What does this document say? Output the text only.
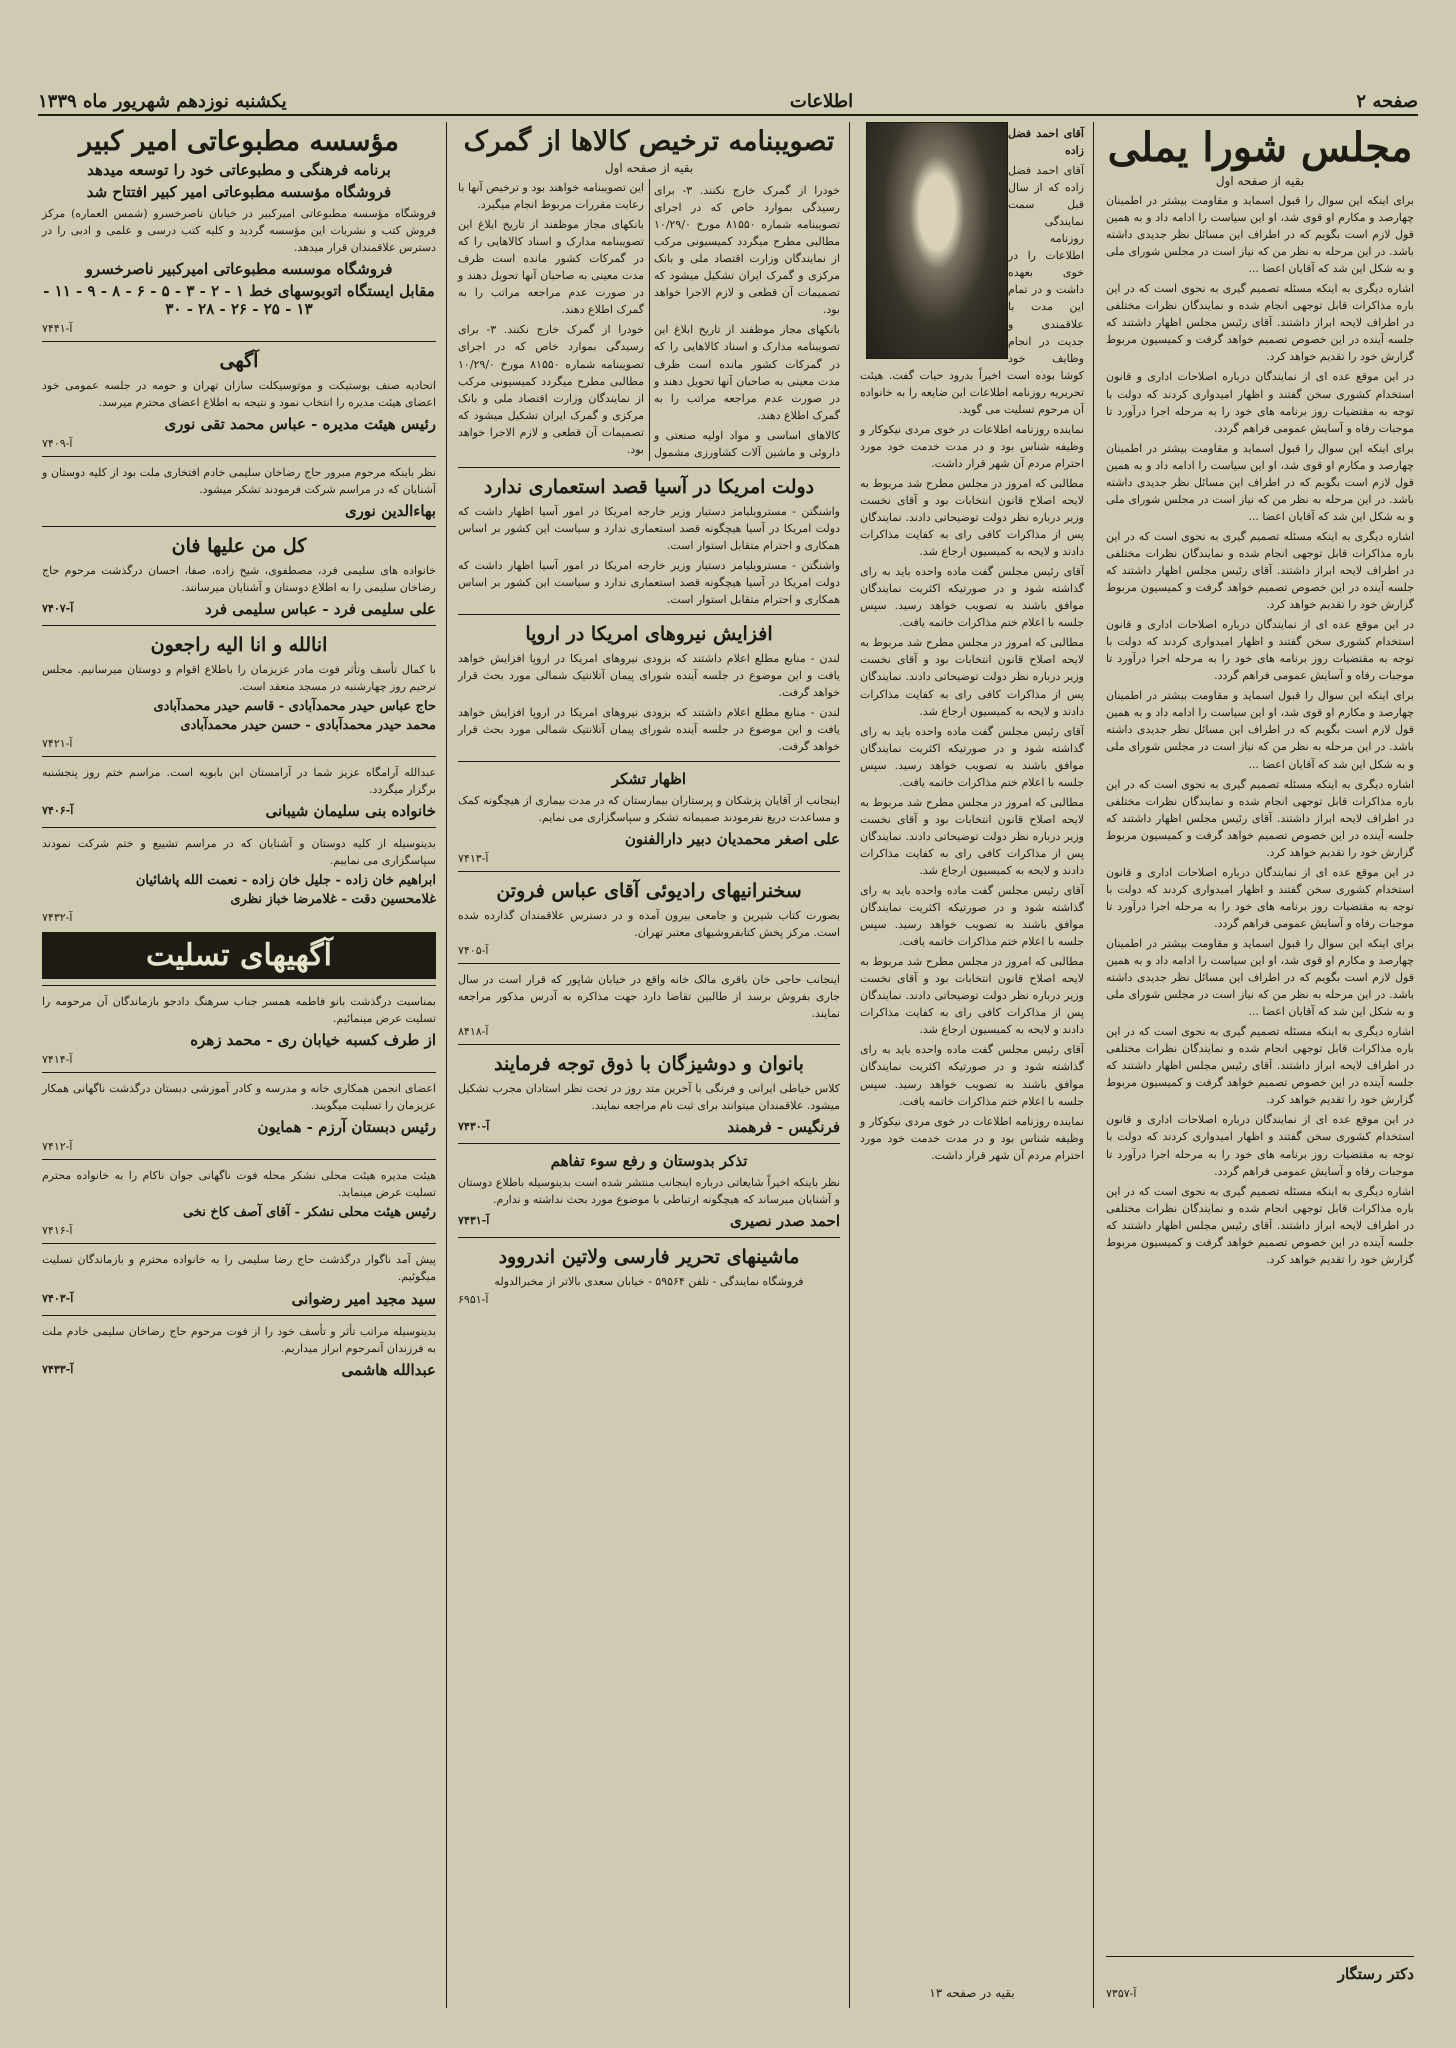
صفحه ۲
اطلاعات
یکشنبه نوزدهم شهریور ماه ۱۳۳۹
مجلس شورا یملی
بقیه از صفحه اول

برای اینکه این سوال را قبول اسماید و مقاومت بیشتر در اطمینان چهارصد و مکارم او قوی شد، او این سیاست را ادامه داد و به همین قول لازم است بگویم که در اطراف این مسائل نظر جدیدی داشته باشد. در این مرحله به نظر من که نیاز است در مجلس شورای ملی و به شکل این شد که آقایان اعضا ...

اشاره دیگری به اینکه مسئله تصمیم گیری به نحوی است که در این باره مذاکرات قابل توجهی انجام شده و نمایندگان نظرات مختلفی در اطراف لایحه ابراز داشتند. آقای رئیس مجلس اظهار داشتند که جلسه آینده در این خصوص تصمیم خواهد گرفت و کمیسیون مربوط گزارش خود را تقدیم خواهد کرد.

در این موقع عده ای از نمایندگان درباره اصلاحات اداری و قانون استخدام کشوری سخن گفتند و اظهار امیدواری کردند که دولت با توجه به مقتضیات روز برنامه های خود را به مرحله اجرا درآورد تا موجبات رفاه و آسایش عمومی فراهم گردد.

برای اینکه این سوال را قبول اسماید و مقاومت بیشتر در اطمینان چهارصد و مکارم او قوی شد، او این سیاست را ادامه داد و به همین قول لازم است بگویم که در اطراف این مسائل نظر جدیدی داشته باشد. در این مرحله به نظر من که نیاز است در مجلس شورای ملی و به شکل این شد که آقایان اعضا ...

اشاره دیگری به اینکه مسئله تصمیم گیری به نحوی است که در این باره مذاکرات قابل توجهی انجام شده و نمایندگان نظرات مختلفی در اطراف لایحه ابراز داشتند. آقای رئیس مجلس اظهار داشتند که جلسه آینده در این خصوص تصمیم خواهد گرفت و کمیسیون مربوط گزارش خود را تقدیم خواهد کرد.

در این موقع عده ای از نمایندگان درباره اصلاحات اداری و قانون استخدام کشوری سخن گفتند و اظهار امیدواری کردند که دولت با توجه به مقتضیات روز برنامه های خود را به مرحله اجرا درآورد تا موجبات رفاه و آسایش عمومی فراهم گردد.

برای اینکه این سوال را قبول اسماید و مقاومت بیشتر در اطمینان چهارصد و مکارم او قوی شد، او این سیاست را ادامه داد و به همین قول لازم است بگویم که در اطراف این مسائل نظر جدیدی داشته باشد. در این مرحله به نظر من که نیاز است در مجلس شورای ملی و به شکل این شد که آقایان اعضا ...

اشاره دیگری به اینکه مسئله تصمیم گیری به نحوی است که در این باره مذاکرات قابل توجهی انجام شده و نمایندگان نظرات مختلفی در اطراف لایحه ابراز داشتند. آقای رئیس مجلس اظهار داشتند که جلسه آینده در این خصوص تصمیم خواهد گرفت و کمیسیون مربوط گزارش خود را تقدیم خواهد کرد.

در این موقع عده ای از نمایندگان درباره اصلاحات اداری و قانون استخدام کشوری سخن گفتند و اظهار امیدواری کردند که دولت با توجه به مقتضیات روز برنامه های خود را به مرحله اجرا درآورد تا موجبات رفاه و آسایش عمومی فراهم گردد.

برای اینکه این سوال را قبول اسماید و مقاومت بیشتر در اطمینان چهارصد و مکارم او قوی شد، او این سیاست را ادامه داد و به همین قول لازم است بگویم که در اطراف این مسائل نظر جدیدی داشته باشد. در این مرحله به نظر من که نیاز است در مجلس شورای ملی و به شکل این شد که آقایان اعضا ...

اشاره دیگری به اینکه مسئله تصمیم گیری به نحوی است که در این باره مذاکرات قابل توجهی انجام شده و نمایندگان نظرات مختلفی در اطراف لایحه ابراز داشتند. آقای رئیس مجلس اظهار داشتند که جلسه آینده در این خصوص تصمیم خواهد گرفت و کمیسیون مربوط گزارش خود را تقدیم خواهد کرد.

در این موقع عده ای از نمایندگان درباره اصلاحات اداری و قانون استخدام کشوری سخن گفتند و اظهار امیدواری کردند که دولت با توجه به مقتضیات روز برنامه های خود را به مرحله اجرا درآورد تا موجبات رفاه و آسایش عمومی فراهم گردد.

اشاره دیگری به اینکه مسئله تصمیم گیری به نحوی است که در این باره مذاکرات قابل توجهی انجام شده و نمایندگان نظرات مختلفی در اطراف لایحه ابراز داشتند. آقای رئیس مجلس اظهار داشتند که جلسه آینده در این خصوص تصمیم خواهد گرفت و کمیسیون مربوط گزارش خود را تقدیم خواهد کرد.

دکتر رستگار
آ-۷۳۵۷

آقای احمد فضل زاده

آقای احمد فضل زاده که از سال قبل سمت نمایندگی روزنامه اطلاعات را در خوی بعهده داشت و در تمام این مدت با علاقمندی و جدیت در انجام وظایف خود کوشا بوده است اخیراً بدرود حیات گفت. هیئت تحریریه روزنامه اطلاعات این ضایعه را به خانواده آن مرحوم تسلیت می گوید.

نماینده روزنامه اطلاعات در خوی مردی نیکوکار و وظیفه شناس بود و در مدت خدمت خود مورد احترام مردم آن شهر قرار داشت.

مطالبی که امروز در مجلس مطرح شد مربوط به لایحه اصلاح قانون انتخابات بود و آقای نخست وزیر درباره نظر دولت توضیحاتی دادند. نمایندگان پس از مذاکرات کافی رای به کفایت مذاکرات دادند و لایحه به کمیسیون ارجاع شد.

آقای رئیس مجلس گفت ماده واحده باید به رای گذاشته شود و در صورتیکه اکثریت نمایندگان موافق باشند به تصویب خواهد رسید. سپس جلسه با اعلام ختم مذاکرات خاتمه یافت.

مطالبی که امروز در مجلس مطرح شد مربوط به لایحه اصلاح قانون انتخابات بود و آقای نخست وزیر درباره نظر دولت توضیحاتی دادند. نمایندگان پس از مذاکرات کافی رای به کفایت مذاکرات دادند و لایحه به کمیسیون ارجاع شد.

آقای رئیس مجلس گفت ماده واحده باید به رای گذاشته شود و در صورتیکه اکثریت نمایندگان موافق باشند به تصویب خواهد رسید. سپس جلسه با اعلام ختم مذاکرات خاتمه یافت.

مطالبی که امروز در مجلس مطرح شد مربوط به لایحه اصلاح قانون انتخابات بود و آقای نخست وزیر درباره نظر دولت توضیحاتی دادند. نمایندگان پس از مذاکرات کافی رای به کفایت مذاکرات دادند و لایحه به کمیسیون ارجاع شد.

آقای رئیس مجلس گفت ماده واحده باید به رای گذاشته شود و در صورتیکه اکثریت نمایندگان موافق باشند به تصویب خواهد رسید. سپس جلسه با اعلام ختم مذاکرات خاتمه یافت.

مطالبی که امروز در مجلس مطرح شد مربوط به لایحه اصلاح قانون انتخابات بود و آقای نخست وزیر درباره نظر دولت توضیحاتی دادند. نمایندگان پس از مذاکرات کافی رای به کفایت مذاکرات دادند و لایحه به کمیسیون ارجاع شد.

آقای رئیس مجلس گفت ماده واحده باید به رای گذاشته شود و در صورتیکه اکثریت نمایندگان موافق باشند به تصویب خواهد رسید. سپس جلسه با اعلام ختم مذاکرات خاتمه یافت.

نماینده روزنامه اطلاعات در خوی مردی نیکوکار و وظیفه شناس بود و در مدت خدمت خود مورد احترام مردم آن شهر قرار داشت.

بقیه در صفحه ۱۳
تصویبنامه ترخیص کالاها از گمرک
بقیه از صفحه اول

خودرا از گمرک خارج نکنند. ۳- برای رسیدگی بموارد خاص که در اجرای تصویبنامه شماره ۸۱۵۵۰ مورخ ۱۰/۲۹/۰ مطالبی مطرح میگردد کمیسیونی مرکب از نمایندگان وزارت اقتصاد ملی و بانک مرکزی و گمرک ایران تشکیل میشود که تصمیمات آن قطعی و لازم الاجرا خواهد بود.

بانکهای مجاز موظفند از تاریخ ابلاغ این تصویبنامه مدارک و اسناد کالاهایی را که در گمرکات کشور مانده است ظرف مدت معینی به صاحبان آنها تحویل دهند و در صورت عدم مراجعه مراتب را به گمرک اطلاع دهند.

کالاهای اساسی و مواد اولیه صنعتی و داروئی و ماشین آلات کشاورزی مشمول این تصویبنامه خواهند بود و ترخیص آنها با رعایت مقررات مربوط انجام میگیرد.

بانکهای مجاز موظفند از تاریخ ابلاغ این تصویبنامه مدارک و اسناد کالاهایی را که در گمرکات کشور مانده است ظرف مدت معینی به صاحبان آنها تحویل دهند و در صورت عدم مراجعه مراتب را به گمرک اطلاع دهند.

خودرا از گمرک خارج نکنند. ۳- برای رسیدگی بموارد خاص که در اجرای تصویبنامه شماره ۸۱۵۵۰ مورخ ۱۰/۲۹/۰ مطالبی مطرح میگردد کمیسیونی مرکب از نمایندگان وزارت اقتصاد ملی و بانک مرکزی و گمرک ایران تشکیل میشود که تصمیمات آن قطعی و لازم الاجرا خواهد بود.

دولت امریکا در آسیا قصد استعماری ندارد

واشنگتن - مسترویلیامز دستیار وزیر خارجه امریکا در امور آسیا اظهار داشت که دولت امریکا در آسیا هیچگونه قصد استعماری ندارد و سیاست این کشور بر اساس همکاری و احترام متقابل استوار است.

واشنگتن - مسترویلیامز دستیار وزیر خارجه امریکا در امور آسیا اظهار داشت که دولت امریکا در آسیا هیچگونه قصد استعماری ندارد و سیاست این کشور بر اساس همکاری و احترام متقابل استوار است.

افزایش نیروهای امریکا در اروپا

لندن - منابع مطلع اعلام داشتند که بزودی نیروهای امریکا در اروپا افزایش خواهد یافت و این موضوع در جلسه آینده شورای پیمان آتلانتیک شمالی مورد بحث قرار خواهد گرفت.

لندن - منابع مطلع اعلام داشتند که بزودی نیروهای امریکا در اروپا افزایش خواهد یافت و این موضوع در جلسه آینده شورای پیمان آتلانتیک شمالی مورد بحث قرار خواهد گرفت.

اظهار تشکر

اینجانب از آقایان پزشکان و پرستاران بیمارستان که در مدت بیماری از هیچگونه کمک و مساعدت دریغ نفرمودند صمیمانه تشکر و سپاسگزاری می نمایم.

علی اصغر محمدیان دبیر دارالفنون
آ-۷۴۱۳
سخنرانیهای رادیوئی آقای عباس فروتن

بصورت کتاب شیرین و جامعی بیرون آمده و در دسترس علاقمندان گذارده شده است. مرکز پخش کتابفروشیهای معتبر تهران.

آ-۷۴۰۵

اینجانب حاجی خان باقری مالک خانه واقع در خیابان شاپور که قرار است در سال جاری بفروش برسد از طالبین تقاضا دارد جهت مذاکره به آدرس مذکور مراجعه نمایند.

آ-۸۴۱۸
بانوان و دوشیزگان با ذوق توجه فرمایند

کلاس خیاطی ایرانی و فرنگی با آخرین متد روز در تحت نظر استادان مجرب تشکیل میشود. علاقمندان میتوانند برای ثبت نام مراجعه نمایند.

فرنگیس - فرهمند
آ-۷۴۳۰
تذکر بدوستان و رفع سوء تفاهم

نظر باینکه اخیراً شایعاتی درباره اینجانب منتشر شده است بدینوسیله باطلاع دوستان و آشنایان میرساند که هیچگونه ارتباطی با موضوع مورد بحث نداشته و ندارم.

احمد صدر نصیری
آ-۷۴۳۱
ماشینهای تحریر فارسی ولاتین اندروود

فروشگاه نمایندگی - تلفن ۵۹۵۶۴ - خیابان سعدی بالاتر از مخبرالدوله

آ-۶۹۵۱
مؤسسه مطبوعاتی امیر کبیر
برنامه فرهنگی و مطبوعاتی خود را توسعه میدهد
فروشگاه مؤسسه مطبوعاتی امیر کبیر افتتاح شد

فروشگاه مؤسسه مطبوعاتی امیرکبیر در خیابان ناصرخسرو (شمس العماره) مرکز فروش کتب و نشریات این مؤسسه گردید و کلیه کتب درسی و علمی و ادبی را در دسترس علاقمندان قرار میدهد.

فروشگاه موسسه مطبوعاتی امیرکبیر ناصرخسرو
مقابل ایستگاه اتوبوسهای خط ۱ - ۲ - ۳ - ۵ - ۶ - ۸ - ۹ - ۱۱ - ۱۳ - ۲۵ - ۲۶ - ۲۸ - ۳۰
آ-۷۴۴۱
آگهی

اتحادیه صنف بوستیکت و موتوسیکلت سازان تهران و حومه در جلسه عمومی خود اعضای هیئت مدیره را انتخاب نمود و نتیجه به اطلاع اعضای محترم میرسد.

رئیس هیئت مدیره - عباس محمد تقی نوری
آ-۷۴۰۹

نظر باینکه مرحوم مبرور حاج رضاخان سلیمی خادم افتخاری ملت بود از کلیه دوستان و آشنایان که در مراسم شرکت فرمودند تشکر میشود.

بهاءالدین نوری
کل من علیها فان

خانواده های سلیمی فرد، مصطفوی، شیخ زاده، صفا، احسان درگذشت مرحوم حاج رضاخان سلیمی را به اطلاع دوستان و آشنایان میرسانند.

علی سلیمی فرد - عباس سلیمی فرد
آ-۷۴۰۷
انالله و انا الیه راجعون

با کمال تأسف وتأثر فوت مادر عزیزمان را باطلاع اقوام و دوستان میرسانیم. مجلس ترحیم روز چهارشنبه در مسجد منعقد است.

حاج عباس حیدر محمدآبادی - قاسم حیدر محمدآبادی
محمد حیدر محمدآبادی - حسن حیدر محمدآبادی
آ-۷۴۲۱

عبدالله آرامگاه عزیز شما در آرامستان ابن بابویه است. مراسم ختم روز پنجشنبه برگزار میگردد.

خانواده بنی سلیمان شیبانی
آ-۷۴۰۶

بدینوسیله از کلیه دوستان و آشنایان که در مراسم تشییع و ختم شرکت نمودند سپاسگزاری می نماییم.

ابراهیم خان زاده - جلیل خان زاده - نعمت الله پاشائیان
غلامحسین دقت - غلامرضا خباز نظری
آ-۷۴۳۲
آگهیهای تسلیت

بمناسبت درگذشت بانو فاطمه همسر جناب سرهنگ دادجو بازماندگان آن مرحومه را تسلیت عرض مینمائیم.

از طرف کسبه خیابان ری - محمد زهره
آ-۷۴۱۴

اعضای انجمن همکاری خانه و مدرسه و کادر آموزشی دبستان درگذشت ناگهانی همکار عزیزمان را تسلیت میگویند.

رئیس دبستان آرزم - همایون
آ-۷۴۱۲

هیئت مدیره هیئت محلی نشکر محله فوت ناگهانی جوان ناکام را به خانواده محترم تسلیت عرض مینماید.

رئیس هیئت محلی نشکر - آقای آصف کاخ نخی
آ-۷۴۱۶

پیش آمد ناگوار درگذشت حاج رضا سلیمی را به خانواده محترم و بازماندگان تسلیت میگوئیم.

سید مجید امیر رضوانی
آ-۷۴۰۳

بدینوسیله مراتب تأثر و تأسف خود را از فوت مرحوم حاج رضاخان سلیمی خادم ملت به فرزندان آنمرحوم ابراز میداریم.

عبدالله هاشمی
آ-۷۴۳۳
